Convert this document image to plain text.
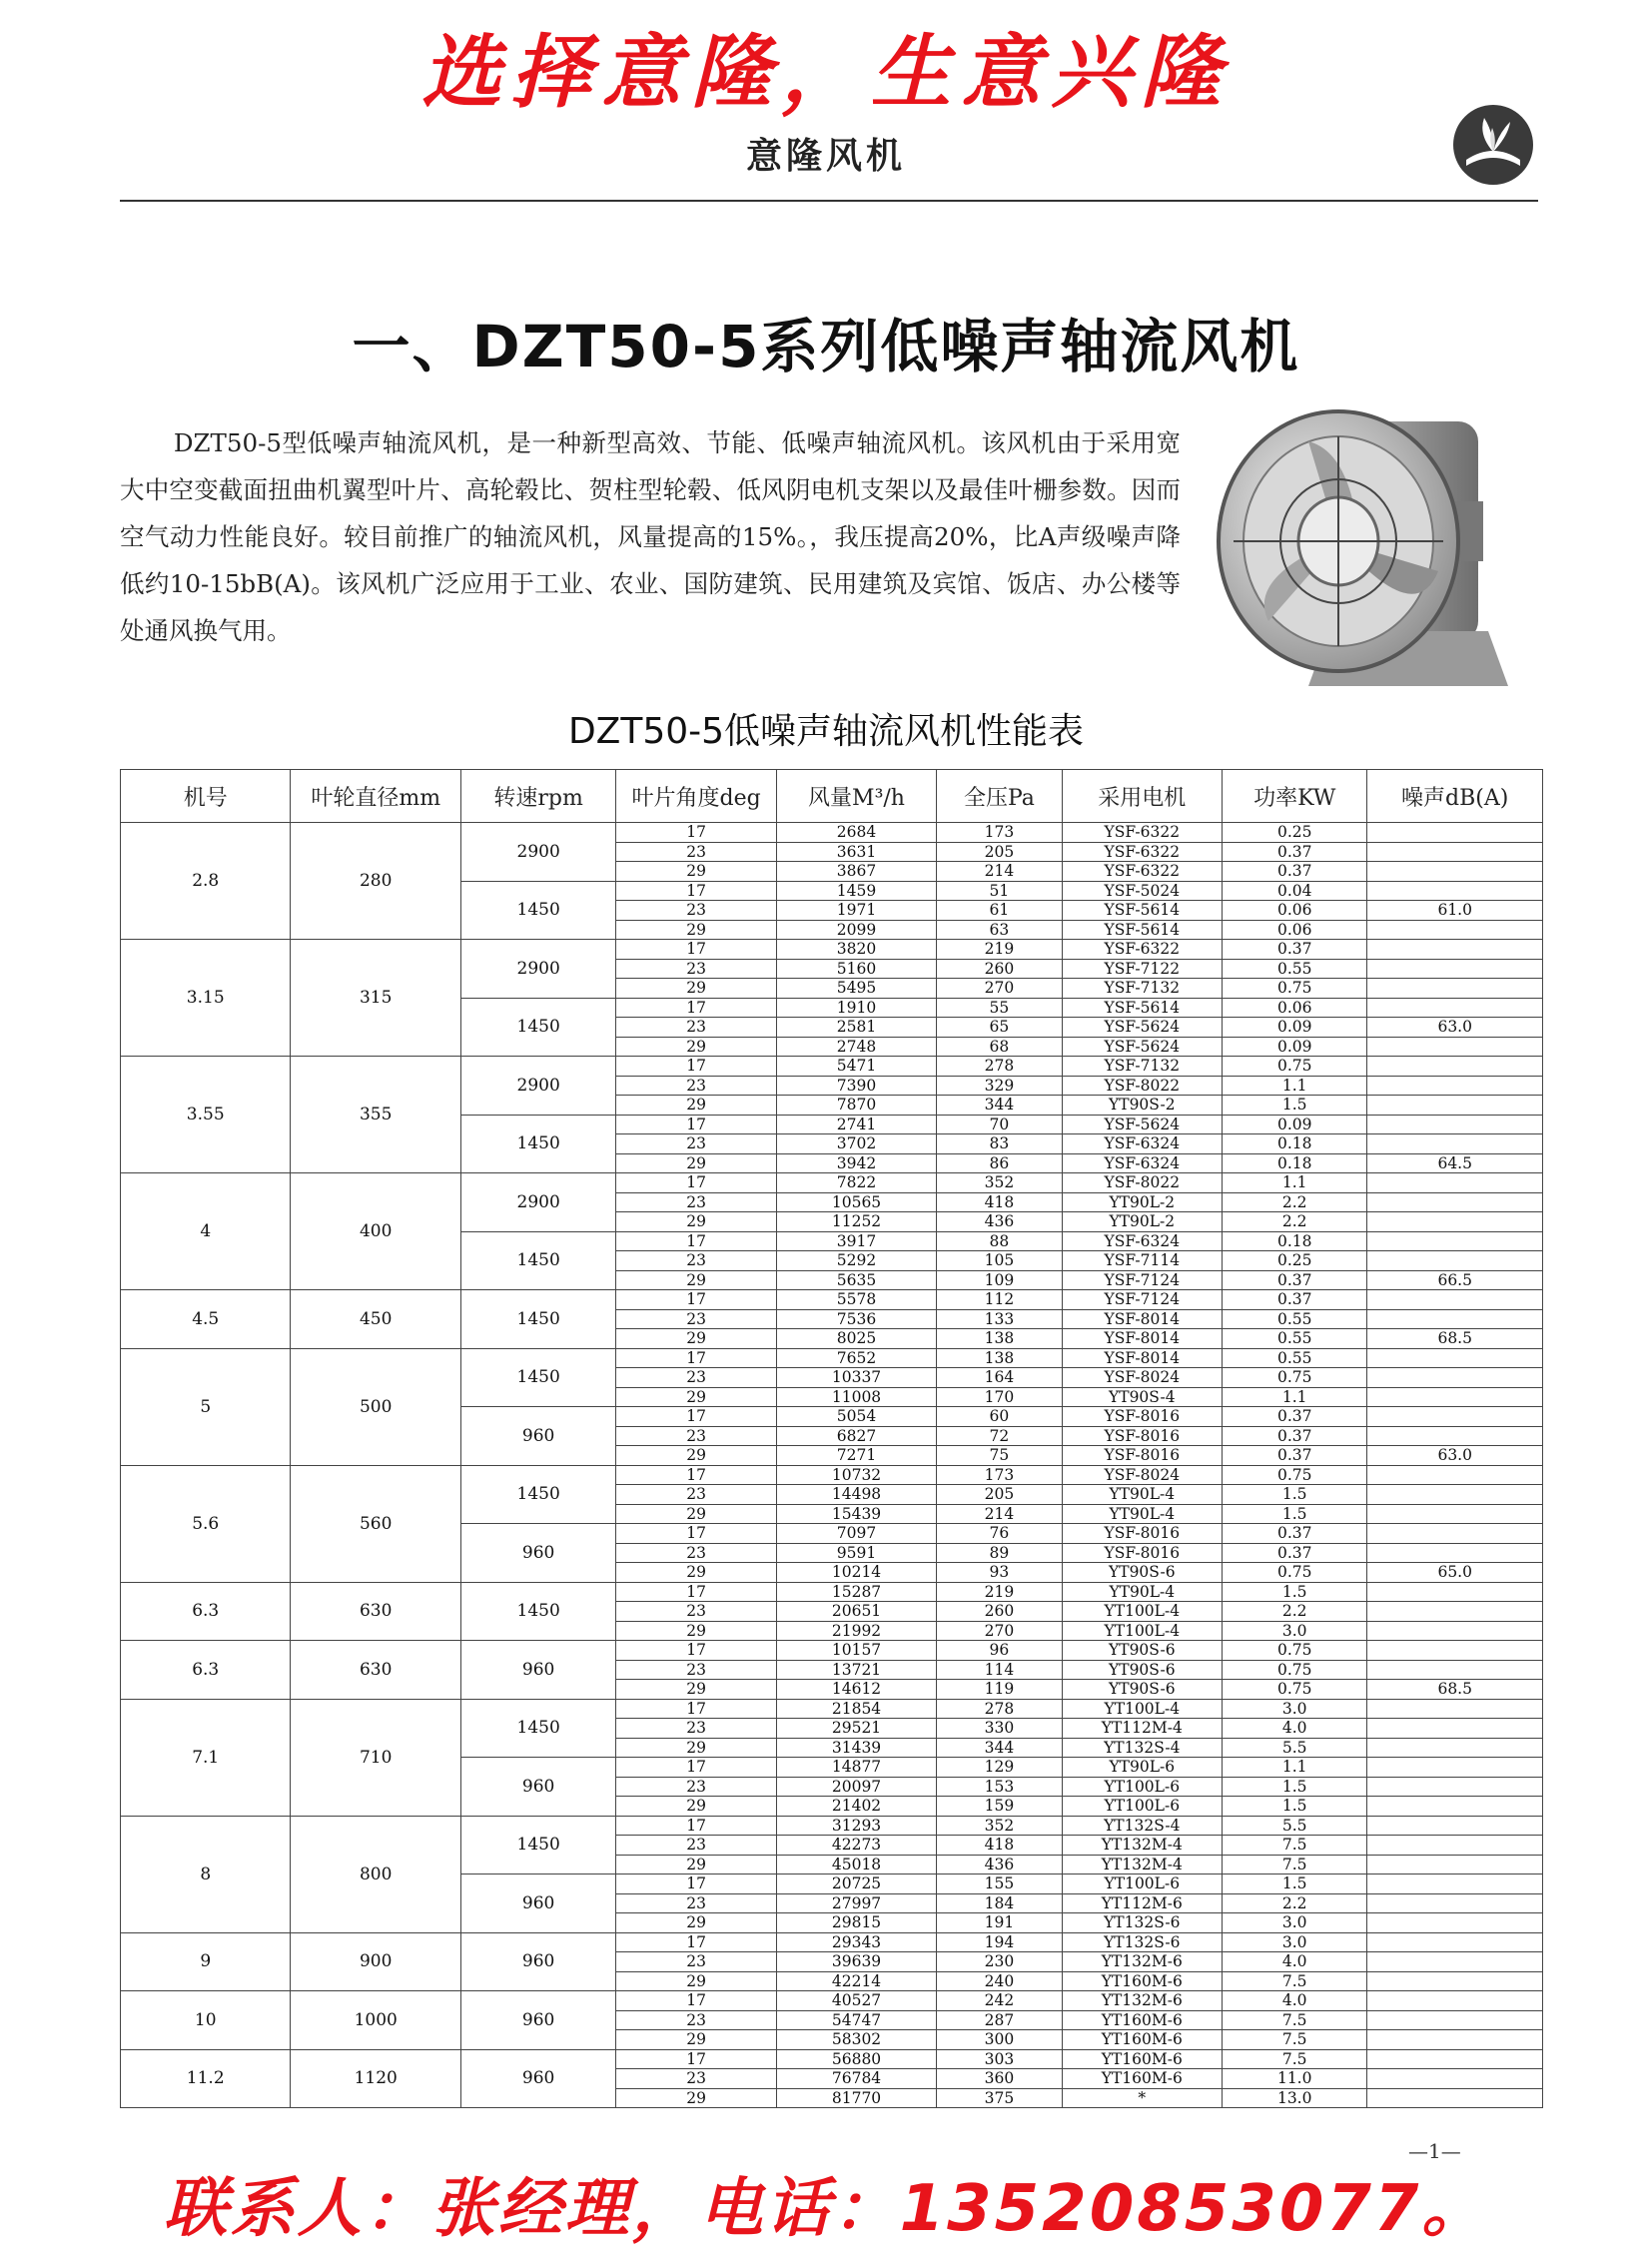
选择意隆，生意兴隆
意隆风机
一、DZT50-5系列低噪声轴流风机
DZT50-5型低噪声轴流风机，是一种新型高效、节能、低噪声轴流风机。该风机由于采用宽大中空变截面扭曲机翼型叶片、高轮毂比、贺柱型轮毂、低风阴电机支架以及最佳叶栅参数。因而空气动力性能良好。较目前推广的轴流风机，风量提高的15%。，我压提高20%，比A声级噪声降低约10-15bB(A)。该风机广泛应用于工业、农业、国防建筑、民用建筑及宾馆、饭店、办公楼等处通风换气用。
DZT50-5低噪声轴流风机性能表
机号	叶轮直径mm	转速rpm	叶片角度deg	风量M³/h	全压Pa	采用电机	功率KW	噪声dB(A)
2.8	280	2900	17	2684	173	YSF-6322	0.25	
			23	3631	205	YSF-6322	0.37	
			29	3867	214	YSF-6322	0.37	
		1450	17	1459	51	YSF-5024	0.04	
			23	1971	61	YSF-5614	0.06	61.0
			29	2099	63	YSF-5614	0.06	
3.15	315	2900	17	3820	219	YSF-6322	0.37	
			23	5160	260	YSF-7122	0.55	
			29	5495	270	YSF-7132	0.75	
		1450	17	1910	55	YSF-5614	0.06	
			23	2581	65	YSF-5624	0.09	63.0
			29	2748	68	YSF-5624	0.09	
3.55	355	2900	17	5471	278	YSF-7132	0.75	
			23	7390	329	YSF-8022	1.1	
			29	7870	344	YT90S-2	1.5	
		1450	17	2741	70	YSF-5624	0.09	
			23	3702	83	YSF-6324	0.18	
			29	3942	86	YSF-6324	0.18	64.5
4	400	2900	17	7822	352	YSF-8022	1.1	
			23	10565	418	YT90L-2	2.2	
			29	11252	436	YT90L-2	2.2	
		1450	17	3917	88	YSF-6324	0.18	
			23	5292	105	YSF-7114	0.25	
			29	5635	109	YSF-7124	0.37	66.5
4.5	450	1450	17	5578	112	YSF-7124	0.37	
			23	7536	133	YSF-8014	0.55	
			29	8025	138	YSF-8014	0.55	68.5
5	500	1450	17	7652	138	YSF-8014	0.55	
			23	10337	164	YSF-8024	0.75	
			29	11008	170	YT90S-4	1.1	
		960	17	5054	60	YSF-8016	0.37	
			23	6827	72	YSF-8016	0.37	
			29	7271	75	YSF-8016	0.37	63.0
5.6	560	1450	17	10732	173	YSF-8024	0.75	
			23	14498	205	YT90L-4	1.5	
			29	15439	214	YT90L-4	1.5	
		960	17	7097	76	YSF-8016	0.37	
			23	9591	89	YSF-8016	0.37	
			29	10214	93	YT90S-6	0.75	65.0
6.3	630	1450	17	15287	219	YT90L-4	1.5	
			23	20651	260	YT100L-4	2.2	
			29	21992	270	YT100L-4	3.0	
6.3	630	960	17	10157	96	YT90S-6	0.75	
			23	13721	114	YT90S-6	0.75	
			29	14612	119	YT90S-6	0.75	68.5
7.1	710	1450	17	21854	278	YT100L-4	3.0	
			23	29521	330	YT112M-4	4.0	
			29	31439	344	YT132S-4	5.5	
		960	17	14877	129	YT90L-6	1.1	
			23	20097	153	YT100L-6	1.5	
			29	21402	159	YT100L-6	1.5	
8	800	1450	17	31293	352	YT132S-4	5.5	
			23	42273	418	YT132M-4	7.5	
			29	45018	436	YT132M-4	7.5	
		960	17	20725	155	YT100L-6	1.5	
			23	27997	184	YT112M-6	2.2	
			29	29815	191	YT132S-6	3.0	
9	900	960	17	29343	194	YT132S-6	3.0	
			23	39639	230	YT132M-6	4.0	
			29	42214	240	YT160M-6	7.5	
10	1000	960	17	40527	242	YT132M-6	4.0	
			23	54747	287	YT160M-6	7.5	
			29	58302	300	YT160M-6	7.5	
11.2	1120	960	17	56880	303	YT160M-6	7.5	
			23	76784	360	YT160M-6	11.0	
			29	81770	375	*	13.0	
—1—
联系人：张经理，电话：13520853077。
